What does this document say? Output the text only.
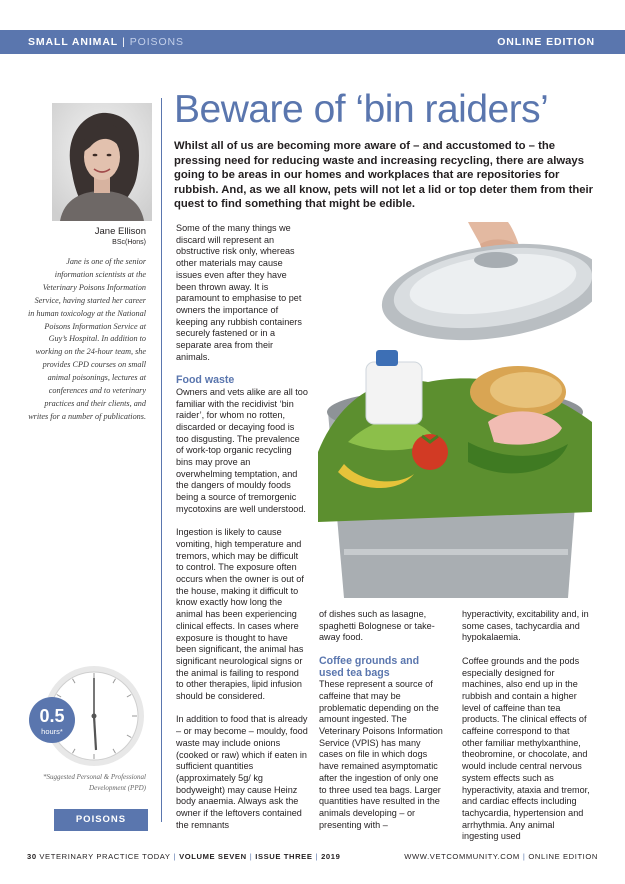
SMALL ANIMAL | POISONS	ONLINE EDITION
Jane Ellison
BSc(Hons)
Jane is one of the senior information scientists at the Veterinary Poisons Information Service, having started her career in human toxicology at the National Poisons Information Service at Guy’s Hospital. In addition to working on the 24-hour team, she provides CPD courses on small animal poisonings, lectures at conferences and to veterinary practices and their clients, and writes for a number of publications.
0.5
hours*
*Suggested Personal & Professional Development (PPD)
POISONS
Beware of ‘bin raiders’

Whilst all of us are becoming more aware of – and accustomed to – the pressing need for reducing waste and increasing recycling, there are always going to be areas in our homes and workplaces that are repositories for rubbish. And, as we all know, pets will not let a lid or top deter them from their quest to find something that might be edible.

Some of the many things we discard will represent an obstructive risk only, whereas other materials may cause issues even after they have been thrown away. It is paramount to emphasise to pet owners the importance of keeping any rubbish containers securely fastened or in a separate area from their animals.

Food waste

Owners and vets alike are all too familiar with the recidivist ‘bin raider’, for whom no rotten, discarded or decaying food is too disgusting. The prevalence of work-top organic recycling bins may prove an overwhelming temptation, and the dangers of mouldy foods being a source of tremorgenic mycotoxins are well understood.

Ingestion is likely to cause vomiting, high temperature and tremors, which may be difficult to control. The exposure often occurs when the owner is out of the house, making it difficult to know exactly how long the animal has been experiencing clinical effects. In cases where exposure is thought to have been significant, the animal has significant neurological signs or the animal is failing to respond to other therapies, lipid infusion should be considered.

In addition to food that is already – or may become – mouldy, food waste may include onions (cooked or raw) which if eaten in sufficient quantities (approximately 5g/ kg bodyweight) may cause Heinz body anaemia. Always ask the owner if the leftovers contained the remnants

of dishes such as lasagne, spaghetti Bolognese or take-away food.

Coffee grounds and used tea bags

These represent a source of caffeine that may be problematic depending on the amount ingested. The Veterinary Poisons Information Service (VPIS) has many cases on file in which dogs have remained asymptomatic after the ingestion of only one to three used tea bags. Larger quantities have resulted in the animals developing – or presenting with –

hyperactivity, excitability and, in some cases, tachycardia and hypokalaemia.

Coffee grounds and the pods especially designed for machines, also end up in the rubbish and contain a higher level of caffeine than tea products. The clinical effects of caffeine correspond to that other familiar methylxanthine, theobromine, or chocolate, and would include central nervous system effects such as hyperactivity, ataxia and tremor, and cardiac effects including tachycardia, hypertension and arrhythmia. Any animal ingesting used

30 VETERINARY PRACTICE TODAY | VOLUME SEVEN | ISSUE THREE | 2019	WWW.VETCOMMUNITY.COM | ONLINE EDITION
